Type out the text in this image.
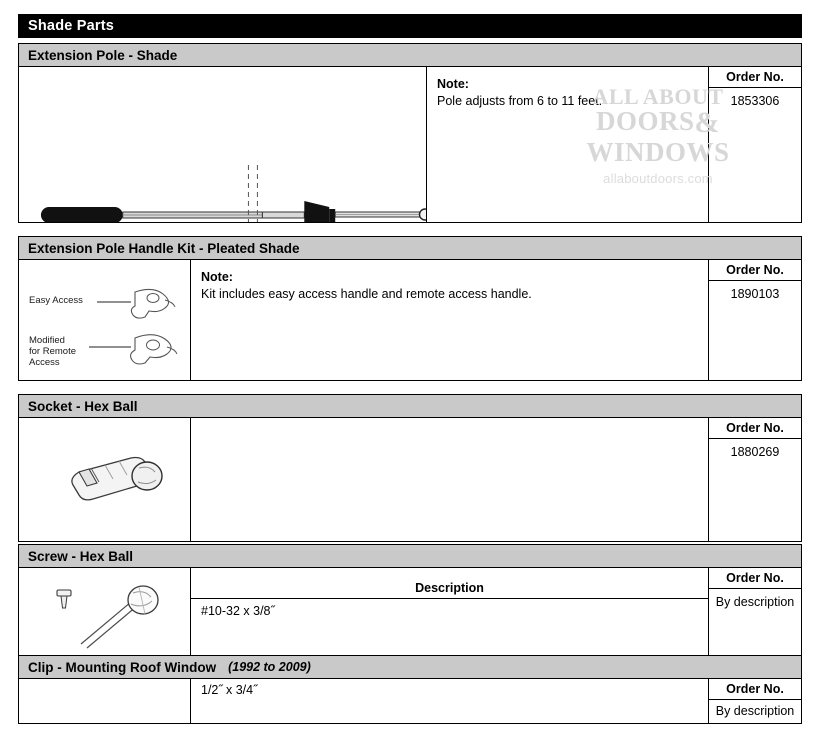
Shade Parts
Extension Pole - Shade
Note:
Pole adjusts from 6 to 11 feet.
Order No.
1853306
ALL ABOUT
DOORS&
WINDOWS
allaboutdoors.com
Extension Pole Handle Kit - Pleated Shade
Easy Access
Modified
for Remote
Access
Note:
Kit includes easy access handle and remote access handle.
Order No.
1890103
Socket - Hex Ball
Order No.
1880269
Screw - Hex Ball
Description
#10-32 x 3/8˝
Order No.
By description
Clip - Mounting Roof Window (1992 to 2009)
1/2˝ x 3/4˝	Order No.
By description
